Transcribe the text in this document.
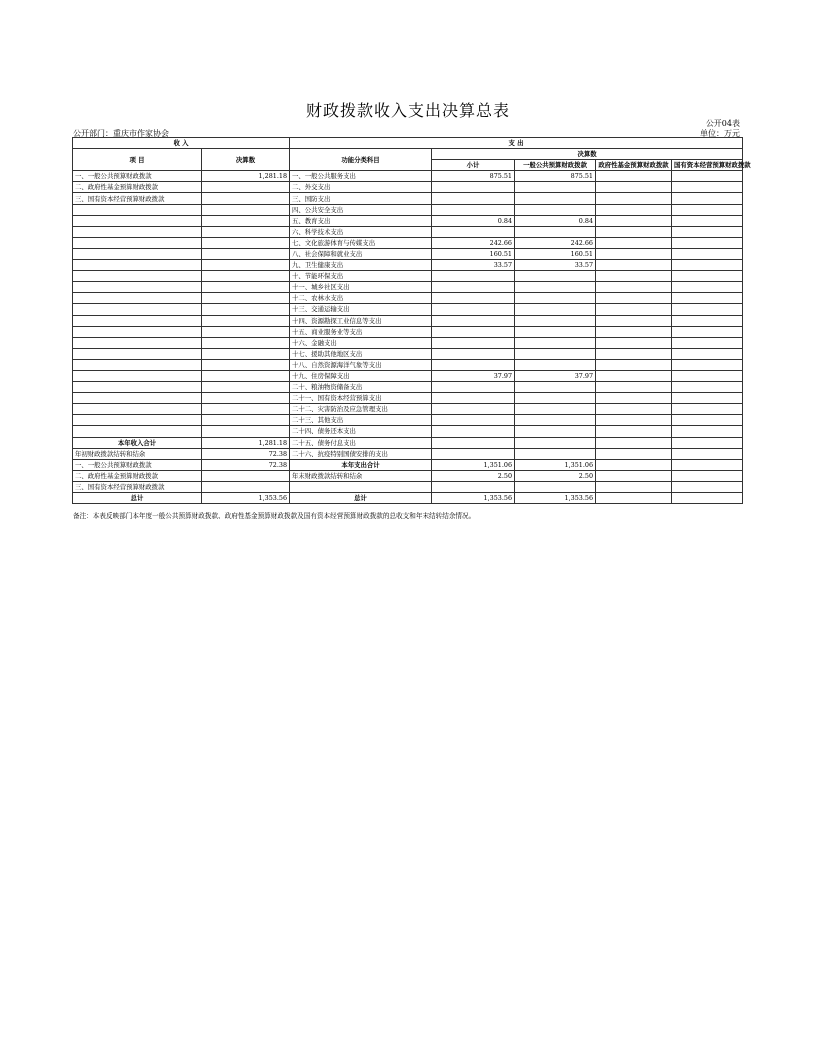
财政拨款收入支出决算总表
公开04表
公开部门：重庆市作家协会	单位：万元
收 入		支 出				
项 目	决算数	功能分类科目	决算数			
			小计	一般公共预算财政拨款	政府性基金预算财政拨款	国有资本经营预算财政拨款

一、一般公共预算财政拨款	1,281.18	一、一般公共服务支出	875.51	875.51		
二、政府性基金预算财政拨款		二、外交支出				
三、国有资本经营预算财政拨款		三、国防支出				
		四、公共安全支出				
		五、教育支出	0.84	0.84		
		六、科学技术支出				
		七、文化旅游体育与传媒支出	242.66	242.66		
		八、社会保障和就业支出	160.51	160.51		
		九、卫生健康支出	33.57	33.57		
		十、节能环保支出				
		十一、城乡社区支出				
		十二、农林水支出				
		十三、交通运输支出				
		十四、资源勘探工业信息等支出				
		十五、商业服务业等支出				
		十六、金融支出				
		十七、援助其他地区支出				
		十八、自然资源海洋气象等支出				
		十九、住房保障支出	37.97	37.97		
		二十、粮油物资储备支出				
		二十一、国有资本经营预算支出				
		二十二、灾害防治及应急管理支出				
		二十三、其他支出				
		二十四、债务还本支出				
本年收入合计	1,281.18	二十五、债务付息支出				
年初财政拨款结转和结余	72.38	二十六、抗疫特别国债安排的支出				
一、一般公共预算财政拨款	72.38	本年支出合计	1,351.06	1,351.06		
二、政府性基金预算财政拨款		年末财政拨款结转和结余	2.50	2.50		
三、国有资本经营预算财政拨款						
总计	1,353.56	总计	1,353.56	1,353.56		
备注：本表反映部门本年度一般公共预算财政拨款、政府性基金预算财政拨款及国有资本经营预算财政拨款的总收支和年末结转结余情况。
